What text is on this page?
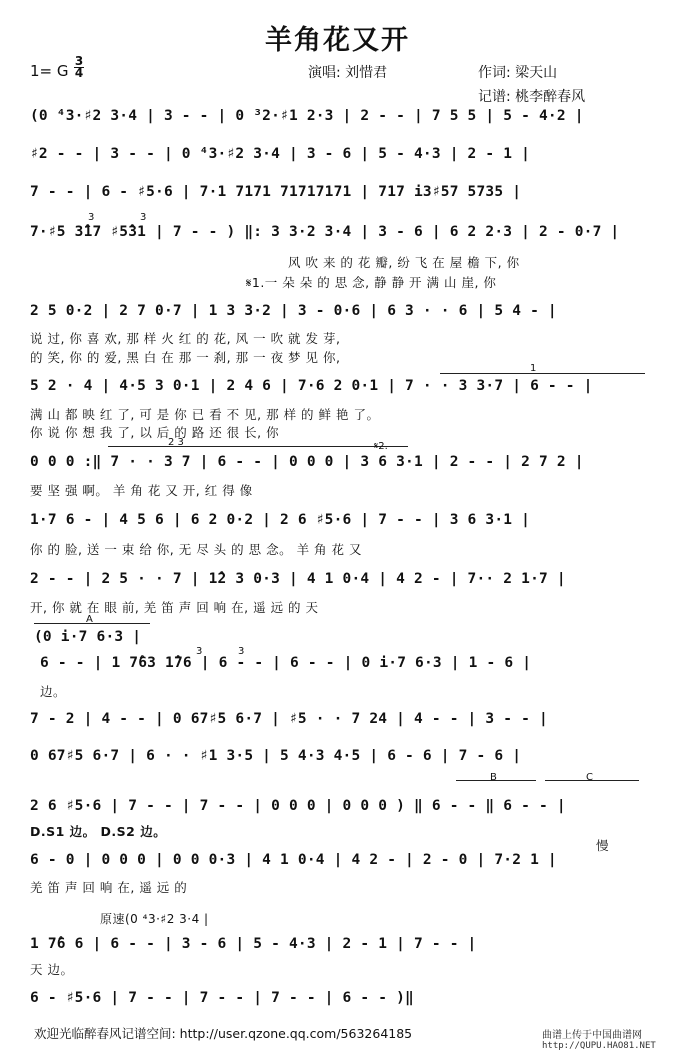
羊角花又开
1= G
3
4	演唱: 刘惜君	作词: 梁天山
记谱: 桃李醉春风
(0 ⁴3·♯2 3·4 | 3 - - | 0 ³2·♯1 2·3 | 2 - - | 7 5 5 | 5 - 4·2 |
♯2 - - | 3 - - | 0 ⁴3·♯2 3·4 | 3 - 6 | 5 - 4·3 | 2 - 1 |
7 - - | 6 - ♯5·6 | 7·1 7171 71717171 | 717 i3♯57 5735 |
3	3
7·♯5 3̂17 ♯5̂31 | 7 - - ) ‖: 3 3·2 3·4 | 3 - 6 | 6 2 2·3 | 2 - 0·7 |
风 吹 来 的 花 瓣, 纷 飞 在 屋 檐 下, 你
𝄋1.一 朵 朵 的 思 念, 静 静 开 满 山 崖, 你
2 5 0·2 | 2 7 0·7 | 1 3 3·2 | 3 - 0·6 | 6 3 · · 6 | 5 4 - |
说 过, 你 喜 欢, 那 样 火 红 的 花, 风 一 吹 就 发 芽,
的 笑, 你 的 爱, 黑 白 在 那 一 刹, 那 一 夜 梦 见 你,
1
5 2 · 4 | 4·5 3 0·1 | 2 4 6 | 7·6 2 0·1 | 7 · · 3 3·7 | 6 - - |
满 山 都 映 红 了, 可 是 你 已 看 不 见, 那 样 的 鲜 艳 了。
你 说 你 想 我 了, 以 后 的 路 还 很 长, 你
2 3	𝄋2.
0 0 0 :‖ 7 · · 3 7 | 6 - - | 0 0 0 | 3 6 3·1 | 2 - - | 2 7 2 |
要 坚 强 啊。 羊 角 花 又 开, 红 得 像
1·7 6 - | 4 5 6 | 6 2 0·2 | 2 6 ♯5·6 | 7 - - | 3 6 3·1 |
你 的 脸, 送 一 束 给 你, 无 尽 头 的 思 念。 羊 角 花 又
2 - - | 2 5 · · 7 | 1̂2 3 0·3 | 4 1 0·4 | 4 2 - | 7·· 2 1·7 |
开, 你 就 在 眼 前, 羌 笛 声 回 响 在, 遥 远 的 天
A
(0 i·7 6·3 |
3	3
6 - - | 1 7̂63 1̂76 | 6 - - | 6 - - | 0 i·7 6·3 | 1 - 6 |
边。
7 - 2 | 4 - - | 0 67♯5 6·7 | ♯5 · · 7 24 | 4 - - | 3 - - |
0 67♯5 6·7 | 6 · · ♯1 3·5 | 5 4·3 4·5 | 6 - 6 | 7 - 6 |
B	C
2 6 ♯5·6 | 7 - - | 7 - - | 0 0 0 | 0 0 0 ) ‖ 6 - - ‖ 6 - - |
D.S1 边。 D.S2 边。
慢
6 - 0 | 0 0 0 | 0 0 0·3 | 4 1 0·4 | 4 2 - | 2 - 0 | 7·2 1 |
羌 笛 声 回 响 在, 遥 远 的
原速(0 ⁴3·♯2 3·4 |
1 7̂6 6 | 6 - - | 3 - 6 | 5 - 4·3 | 2 - 1 | 7 - - |
天 边。
6 - ♯5·6 | 7 - - | 7 - - | 7 - - | 6 - - )‖
欢迎光临醉春风记谱空间: http://user.qzone.qq.com/563264185	曲谱上传于中国曲谱网
http://QUPU.HAO81.NET
